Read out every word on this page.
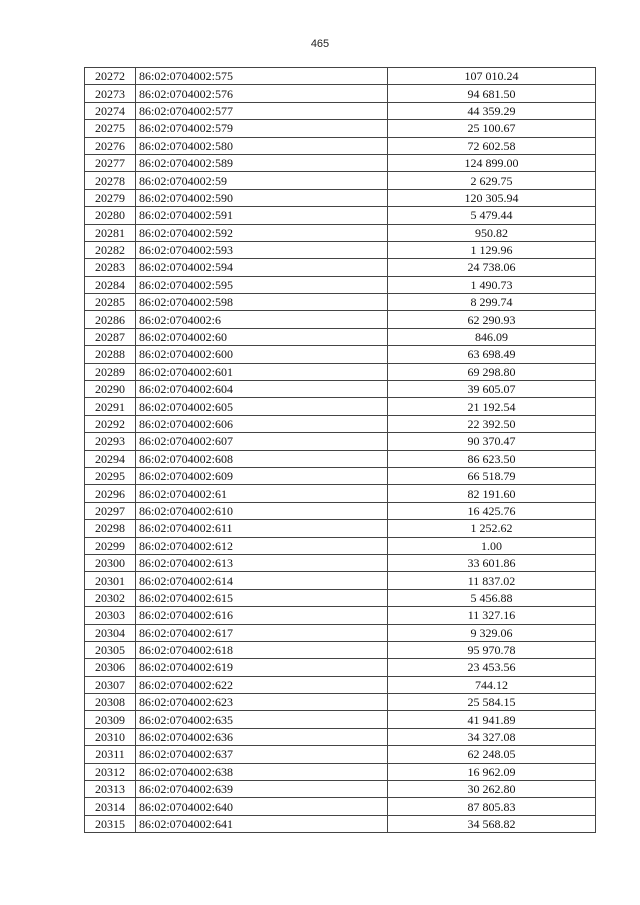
465
20272	86:02:0704002:575	107 010.24
20273	86:02:0704002:576	94 681.50
20274	86:02:0704002:577	44 359.29
20275	86:02:0704002:579	25 100.67
20276	86:02:0704002:580	72 602.58
20277	86:02:0704002:589	124 899.00
20278	86:02:0704002:59	2 629.75
20279	86:02:0704002:590	120 305.94
20280	86:02:0704002:591	5 479.44
20281	86:02:0704002:592	950.82
20282	86:02:0704002:593	1 129.96
20283	86:02:0704002:594	24 738.06
20284	86:02:0704002:595	1 490.73
20285	86:02:0704002:598	8 299.74
20286	86:02:0704002:6	62 290.93
20287	86:02:0704002:60	846.09
20288	86:02:0704002:600	63 698.49
20289	86:02:0704002:601	69 298.80
20290	86:02:0704002:604	39 605.07
20291	86:02:0704002:605	21 192.54
20292	86:02:0704002:606	22 392.50
20293	86:02:0704002:607	90 370.47
20294	86:02:0704002:608	86 623.50
20295	86:02:0704002:609	66 518.79
20296	86:02:0704002:61	82 191.60
20297	86:02:0704002:610	16 425.76
20298	86:02:0704002:611	1 252.62
20299	86:02:0704002:612	1.00
20300	86:02:0704002:613	33 601.86
20301	86:02:0704002:614	11 837.02
20302	86:02:0704002:615	5 456.88
20303	86:02:0704002:616	11 327.16
20304	86:02:0704002:617	9 329.06
20305	86:02:0704002:618	95 970.78
20306	86:02:0704002:619	23 453.56
20307	86:02:0704002:622	744.12
20308	86:02:0704002:623	25 584.15
20309	86:02:0704002:635	41 941.89
20310	86:02:0704002:636	34 327.08
20311	86:02:0704002:637	62 248.05
20312	86:02:0704002:638	16 962.09
20313	86:02:0704002:639	30 262.80
20314	86:02:0704002:640	87 805.83
20315	86:02:0704002:641	34 568.82
